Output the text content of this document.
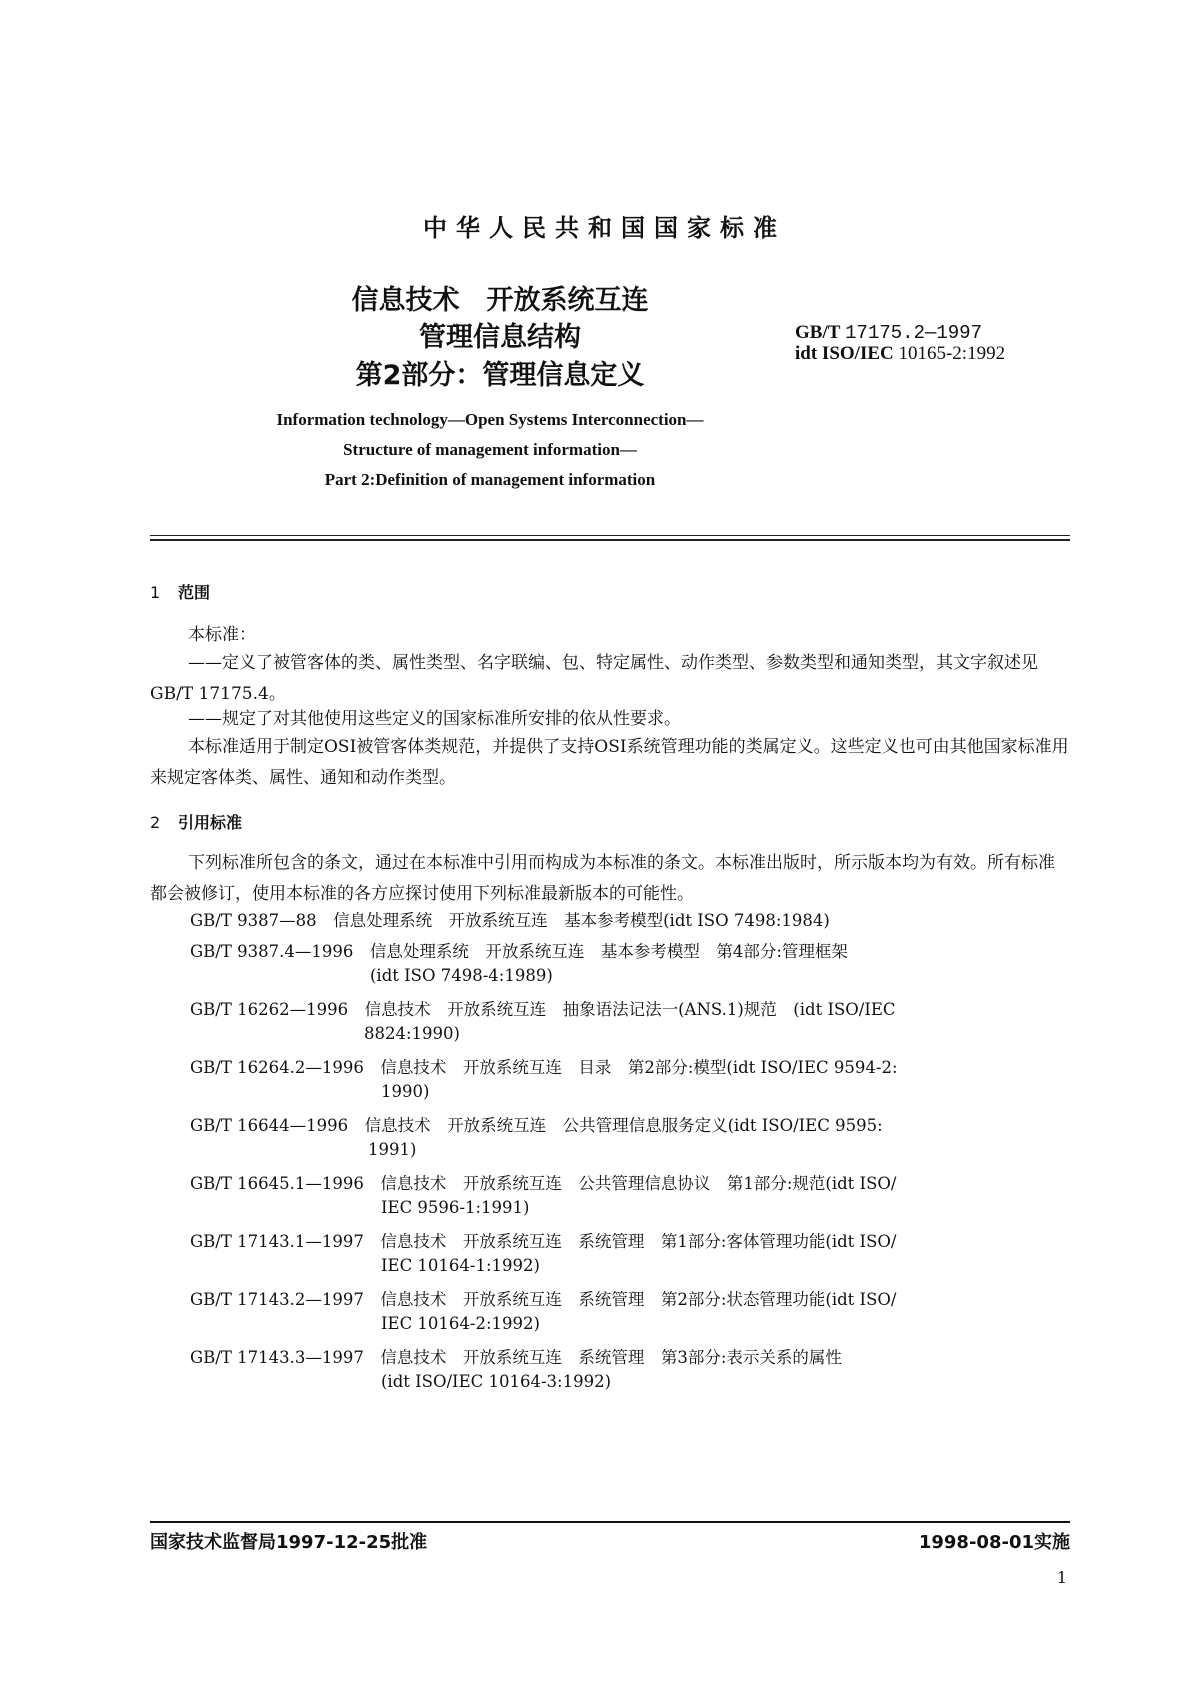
中华人民共和国国家标准
信息技术　开放系统互连
管理信息结构
第2部分：管理信息定义
GB/T 17175.2—1997
idt ISO/IEC 10165-2:1992
Information technology—Open Systems Interconnection—
Structure of management information—
Part 2:Definition of management information
1 范围
本标准：
——定义了被管客体的类、属性类型、名字联编、包、特定属性、动作类型、参数类型和通知类型，其文字叙述见GB/T 17175.4。
——规定了对其他使用这些定义的国家标准所安排的依从性要求。
本标准适用于制定OSI被管客体类规范，并提供了支持OSI系统管理功能的类属定义。这些定义也可由其他国家标准用来规定客体类、属性、通知和动作类型。
2 引用标准
下列标准所包含的条文，通过在本标准中引用而构成为本标准的条文。本标准出版时，所示版本均为有效。所有标准都会被修订，使用本标准的各方应探讨使用下列标准最新版本的可能性。
GB/T 9387—88　 信息处理系统　开放系统互连　基本参考模型(idt ISO 7498:1984)
GB/T 9387.4—1996　 信息处理系统　开放系统互连　基本参考模型　第4部分:管理框架
(idt ISO 7498-4:1989)
GB/T 16262—1996　 信息技术　开放系统互连　抽象语法记法一(ANS.1)规范　(idt ISO/IEC
8824:1990)
GB/T 16264.2—1996　 信息技术　开放系统互连　目录　第2部分:模型(idt ISO/IEC 9594-2:
1990)
GB/T 16644—1996　 信息技术　开放系统互连　公共管理信息服务定义(idt ISO/IEC 9595:
1991)
GB/T 16645.1—1996　 信息技术　开放系统互连　公共管理信息协议　第1部分:规范(idt ISO/
IEC 9596-1:1991)
GB/T 17143.1—1997　 信息技术　开放系统互连　系统管理　第1部分:客体管理功能(idt ISO/
IEC 10164-1:1992)
GB/T 17143.2—1997　 信息技术　开放系统互连　系统管理　第2部分:状态管理功能(idt ISO/
IEC 10164-2:1992)
GB/T 17143.3—1997　 信息技术　开放系统互连　系统管理　第3部分:表示关系的属性
(idt ISO/IEC 10164-3:1992)
国家技术监督局1997-12-25批准	1998-08-01实施
1
